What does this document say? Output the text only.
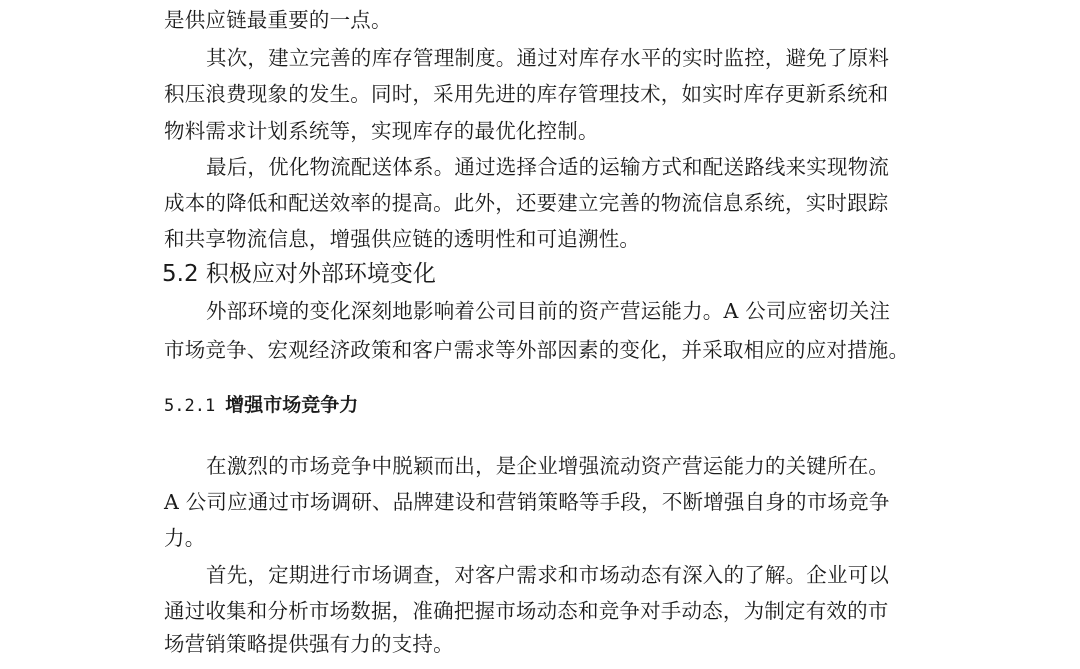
是供应链最重要的一点。
其次，建立完善的库存管理制度。通过对库存水平的实时监控，避免了原料
积压浪费现象的发生。同时，采用先进的库存管理技术，如实时库存更新系统和
物料需求计划系统等，实现库存的最优化控制。
最后，优化物流配送体系。通过选择合适的运输方式和配送路线来实现物流
成本的降低和配送效率的提高。此外，还要建立完善的物流信息系统，实时跟踪
和共享物流信息，增强供应链的透明性和可追溯性。
5.2 积极应对外部环境变化
外部环境的变化深刻地影响着公司目前的资产营运能力。A 公司应密切关注
市场竞争、宏观经济政策和客户需求等外部因素的变化，并采取相应的应对措施。
5.2.1 增强市场竞争力
在激烈的市场竞争中脱颖而出，是企业增强流动资产营运能力的关键所在。
A 公司应通过市场调研、品牌建设和营销策略等手段，不断增强自身的市场竞争
力。
首先，定期进行市场调查，对客户需求和市场动态有深入的了解。企业可以
通过收集和分析市场数据，准确把握市场动态和竞争对手动态，为制定有效的市
场营销策略提供强有力的支持。
